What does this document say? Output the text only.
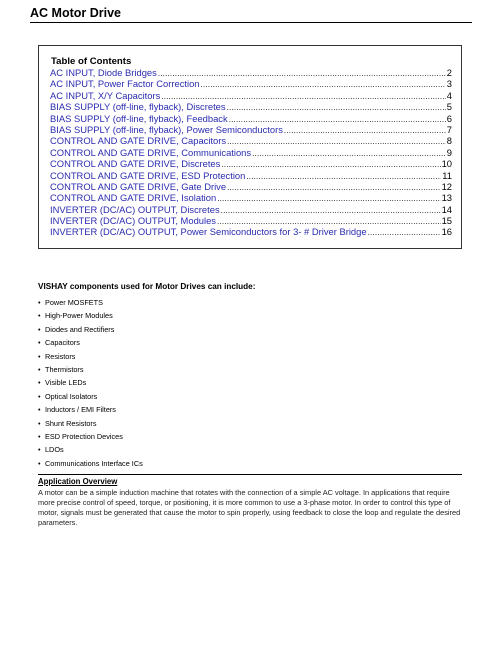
AC Motor Drive
Table of Contents
AC INPUT, Diode Bridges .....	2
AC INPUT, Power Factor Correction .....	3
AC INPUT, X/Y Capacitors .....	4
BIAS SUPPLY (off-line, flyback), Discretes .....	5
BIAS SUPPLY (off-line, flyback), Feedback .....	6
BIAS SUPPLY (off-line, flyback), Power Semiconductors .....	7
CONTROL AND GATE DRIVE, Capacitors .....	8
CONTROL AND GATE DRIVE, Communications .....	9
CONTROL AND GATE DRIVE, Discretes .....	10
CONTROL AND GATE DRIVE, ESD Protection .....	11
CONTROL AND GATE DRIVE, Gate Drive .....	12
CONTROL AND GATE DRIVE, Isolation .....	13
INVERTER (DC/AC) OUTPUT, Discretes .....	14
INVERTER (DC/AC) OUTPUT, Modules .....	15
INVERTER (DC/AC) OUTPUT, Power Semiconductors for 3- # Driver Bridge .....	16
VISHAY components used for Motor Drives can include:
• Power MOSFETS
• High-Power Modules
• Diodes and Rectifiers
• Capacitors
• Resistors
• Thermistors
• Visible LEDs
• Optical Isolators
• Inductors / EMI Filters
• Shunt Resistors
• ESD Protection Devices
• LDOs
• Communications Interface ICs
Application Overview
A motor can be a simple induction machine that rotates with the connection of a simple AC voltage. In applications that require more precise control of speed, torque, or positioning, it is more common to use a 3-phase motor. In order to control this type of motor, signals must be generated that cause the motor to spin properly, using feedback to close the loop and regulate the desired parameters.
